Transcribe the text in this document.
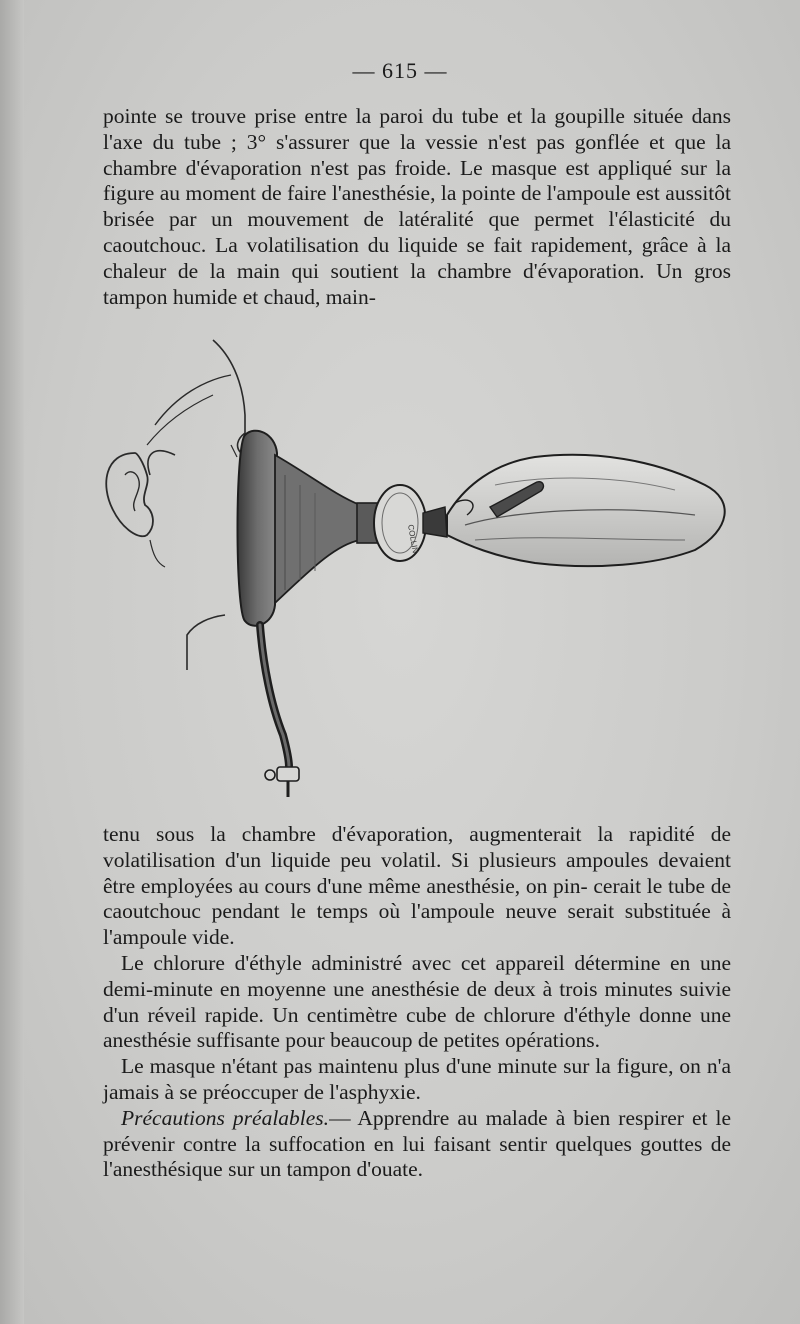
— 615 —

pointe se trouve prise entre la paroi du tube et la goupille située dans l'axe du tube ; 3° s'assurer que la vessie n'est pas gonflée et que la chambre d'évaporation n'est pas froide. Le masque est appliqué sur la figure au moment de faire l'anesthésie, la pointe de l'ampoule est aussitôt brisée par un mouvement de latéralité que permet l'élasticité du caoutchouc. La volatilisation du liquide se fait rapidement, grâce à la chaleur de la main qui soutient la chambre d'évaporation. Un gros tampon humide et chaud, main-

COLLIN

tenu sous la chambre d'évaporation, augmenterait la rapidité de volatilisation d'un liquide peu volatil. Si plusieurs ampoules devaient être employées au cours d'une même anesthésie, on pin- cerait le tube de caoutchouc pendant le temps où l'ampoule neuve serait substituée à l'ampoule vide.

Le chlorure d'éthyle administré avec cet appareil détermine en une demi-minute en moyenne une anesthésie de deux à trois minutes suivie d'un réveil rapide. Un centimètre cube de chlorure d'éthyle donne une anesthésie suffisante pour beaucoup de petites opérations.

Le masque n'étant pas maintenu plus d'une minute sur la figure, on n'a jamais à se préoccuper de l'asphyxie.

Précautions préalables.— Apprendre au malade à bien respirer et le prévenir contre la suffocation en lui faisant sentir quelques gouttes de l'anesthésique sur un tampon d'ouate.
